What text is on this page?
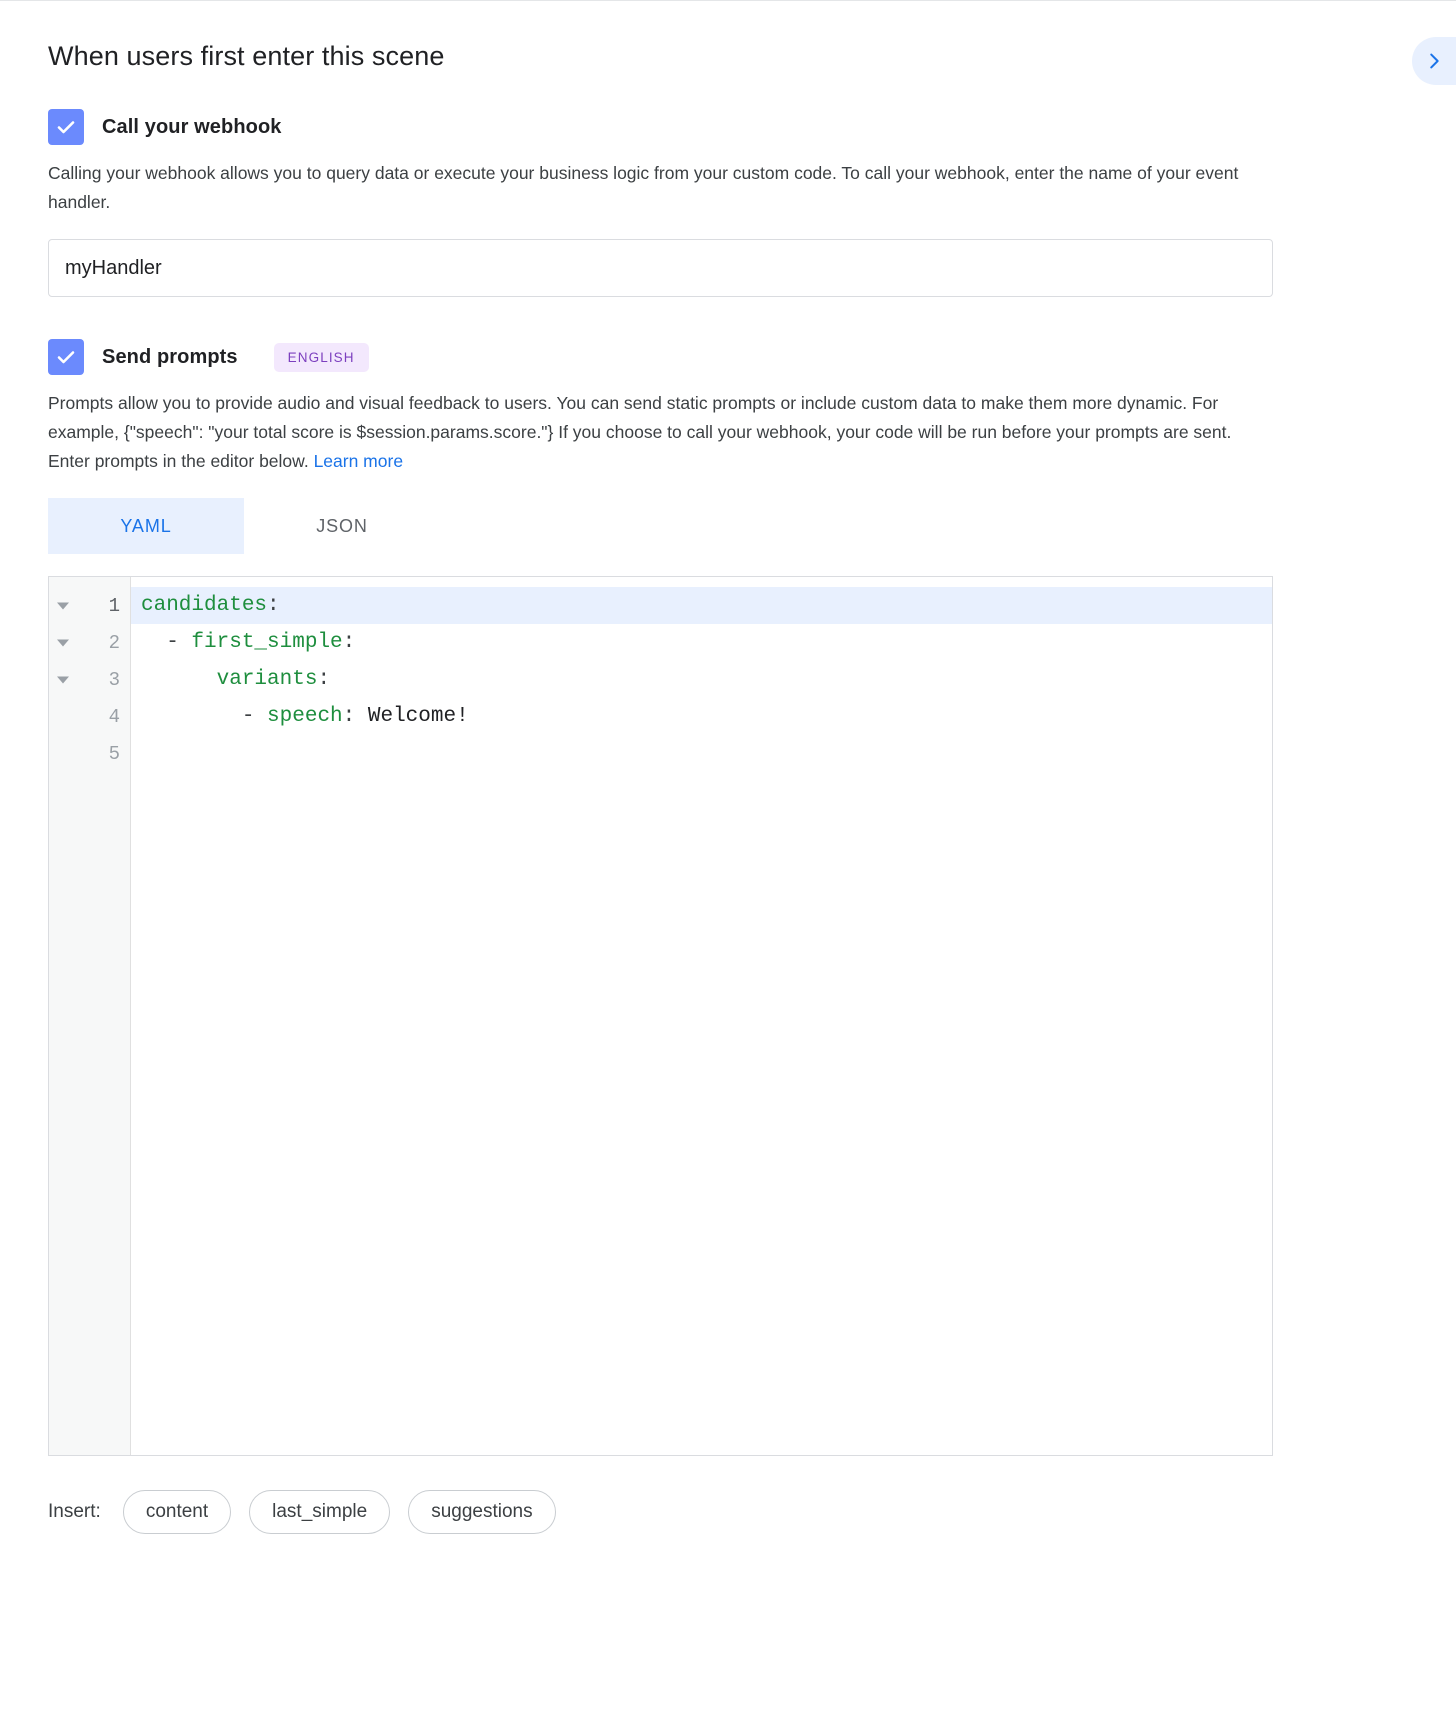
When users first enter this scene
Call your webhook

Calling your webhook allows you to query data or execute your business logic from your custom code. To call your webhook, enter the name of your event handler.

myHandler
Send prompts	ENGLISH

Prompts allow you to provide audio and visual feedback to users. You can send static prompts or include custom data to make them more dynamic. For example, {"speech": "your total score is $session.params.score."} If you choose to call your webhook, your code will be run before your prompts are sent. Enter prompts in the editor below. Learn more

YAML	JSON
1
2
3
4
5
candidates:
- first_simple:
variants:
- speech: Welcome!
Insert:	content	last_simple	suggestions
